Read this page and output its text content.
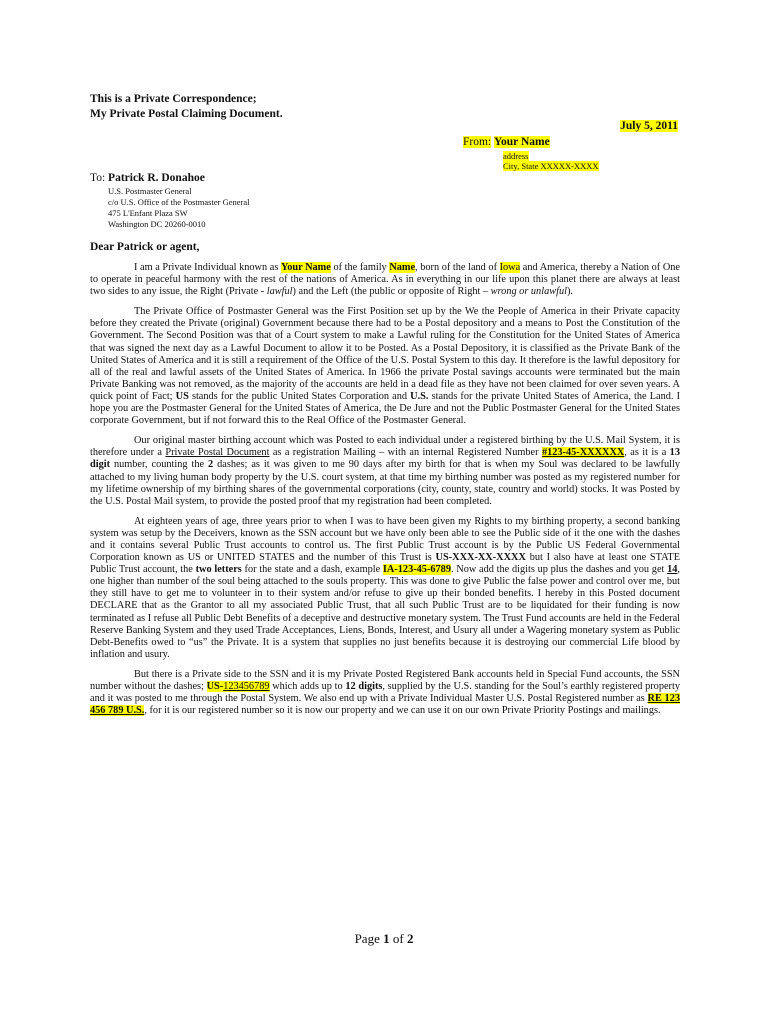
This is a Private Correspondence;
My Private Postal Claiming Document.
July 5, 2011
From: Your Name
address
City, State XXXXX-XXXX
To: Patrick R. Donahoe
U.S. Postmaster General
c/o U.S. Office of the Postmaster General
475 L'Enfant Plaza SW
Washington DC 20260-0010
Dear Patrick or agent,

I am a Private Individual known as Your Name of the family Name, born of the land of Iowa and America, thereby a Nation of One to operate in peaceful harmony with the rest of the nations of America. As in everything in our life upon this planet there are always at least two sides to any issue, the Right (Private - lawful) and the Left (the public or opposite of Right – wrong or unlawful).

The Private Office of Postmaster General was the First Position set up by the We the People of America in their Private capacity before they created the Private (original) Government because there had to be a Postal depository and a means to Post the Constitution of the Government. The Second Position was that of a Court system to make a Lawful ruling for the Constitution for the United States of America that was signed the next day as a Lawful Document to allow it to be Posted. As a Postal Depository, it is classified as the Private Bank of the United States of America and it is still a requirement of the Office of the U.S. Postal System to this day. It therefore is the lawful depository for all of the real and lawful assets of the United States of America. In 1966 the private Postal savings accounts were terminated but the main Private Banking was not removed, as the majority of the accounts are held in a dead file as they have not been claimed for over seven years. A quick point of Fact; US stands for the public United States Corporation and U.S. stands for the private United States of America, the Land. I hope you are the Postmaster General for the United States of America, the De Jure and not the Public Postmaster General for the United States corporate Government, but if not forward this to the Real Office of the Postmaster General.

Our original master birthing account which was Posted to each individual under a registered birthing by the U.S. Mail System, it is therefore under a Private Postal Document as a registration Mailing – with an internal Registered Number #123-45-XXXXXX, as it is a 13 digit number, counting the 2 dashes; as it was given to me 90 days after my birth for that is when my Soul was declared to be lawfully attached to my living human body property by the U.S. court system, at that time my birthing number was posted as my registered number for my lifetime ownership of my birthing shares of the governmental corporations (city, county, state, country and world) stocks. It was Posted by the U.S. Postal Mail system, to provide the posted proof that my registration had been completed.

At eighteen years of age, three years prior to when I was to have been given my Rights to my birthing property, a second banking system was setup by the Deceivers, known as the SSN account but we have only been able to see the Public side of it the one with the dashes and it contains several Public Trust accounts to control us. The first Public Trust account is by the Public US Federal Governmental Corporation known as US or UNITED STATES and the number of this Trust is US-XXX-XX-XXXX but I also have at least one STATE Public Trust account, the two letters for the state and a dash, example IA-123-45-6789. Now add the digits up plus the dashes and you get 14, one higher than number of the soul being attached to the souls property. This was done to give Public the false power and control over me, but they still have to get me to volunteer in to their system and/or refuse to give up their bonded benefits. I hereby in this Posted document DECLARE that as the Grantor to all my associated Public Trust, that all such Public Trust are to be liquidated for their funding is now terminated as I refuse all Public Debt Benefits of a deceptive and destructive monetary system. The Trust Fund accounts are held in the Federal Reserve Banking System and they used Trade Acceptances, Liens, Bonds, Interest, and Usury all under a Wagering monetary system as Public Debt-Benefits owed to “us” the Private. It is a system that supplies no just benefits because it is destroying our commercial Life blood by inflation and usury.

But there is a Private side to the SSN and it is my Private Posted Registered Bank accounts held in Special Fund accounts, the SSN number without the dashes; US-123456789 which adds up to 12 digits, supplied by the U.S. standing for the Soul’s earthly registered property and it was posted to me through the Postal System. We also end up with a Private Individual Master U.S. Postal Registered number as RE 123 456 789 U.S., for it is our registered number so it is now our property and we can use it on our own Private Priority Postings and mailings.

Page 1 of 2
